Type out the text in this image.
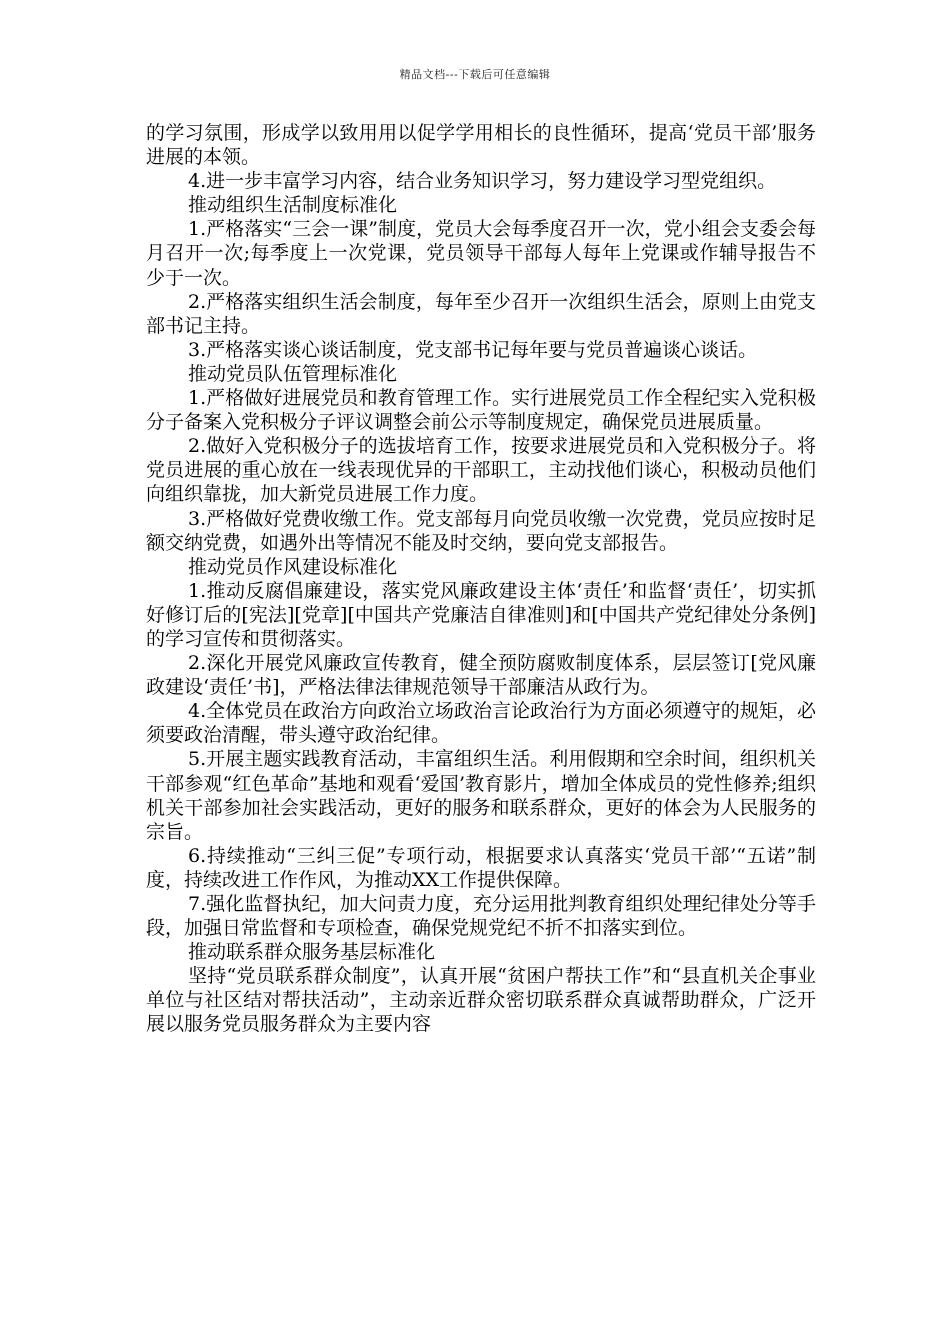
精品文档---下载后可任意编辑

的学习氛围，形成学以致用用以促学学用相长的良性循环，提高‘党员干部’服务进展的本领。

4.进一步丰富学习内容，结合业务知识学习，努力建设学习型党组织。

推动组织生活制度标准化

1.严格落实“三会一课”制度，党员大会每季度召开一次，党小组会支委会每月召开一次;每季度上一次党课，党员领导干部每人每年上党课或作辅导报告不少于一次。

2.严格落实组织生活会制度，每年至少召开一次组织生活会，原则上由党支部书记主持。

3.严格落实谈心谈话制度，党支部书记每年要与党员普遍谈心谈话。

推动党员队伍管理标准化

1.严格做好进展党员和教育管理工作。实行进展党员工作全程纪实入党积极分子备案入党积极分子评议调整会前公示等制度规定，确保党员进展质量。

2.做好入党积极分子的选拔培育工作，按要求进展党员和入党积极分子。将党员进展的重心放在一线表现优异的干部职工，主动找他们谈心，积极动员他们向组织靠拢，加大新党员进展工作力度。

3.严格做好党费收缴工作。党支部每月向党员收缴一次党费，党员应按时足额交纳党费，如遇外出等情况不能及时交纳，要向党支部报告。

推动党员作风建设标准化

1.推动反腐倡廉建设，落实党风廉政建设主体‘责任’和监督‘责任’，切实抓好修订后的[宪法][党章][中国共产党廉洁自律准则]和[中国共产党纪律处分条例]的学习宣传和贯彻落实。

2.深化开展党风廉政宣传教育，健全预防腐败制度体系，层层签订[党风廉政建设‘责任’书]，严格法律法律规范领导干部廉洁从政行为。

4.全体党员在政治方向政治立场政治言论政治行为方面必须遵守的规矩，必须要政治清醒，带头遵守政治纪律。

5.开展主题实践教育活动，丰富组织生活。利用假期和空余时间，组织机关干部参观“红色革命”基地和观看‘爱国’教育影片，增加全体成员的党性修养;组织机关干部参加社会实践活动，更好的服务和联系群众，更好的体会为人民服务的宗旨。

6.持续推动“三纠三促”专项行动，根据要求认真落实‘党员干部’“五诺”制度，持续改进工作作风，为推动XX工作提供保障。

7.强化监督执纪，加大问责力度，充分运用批判教育组织处理纪律处分等手段，加强日常监督和专项检查，确保党规党纪不折不扣落实到位。

推动联系群众服务基层标准化

坚持“党员联系群众制度”，认真开展“贫困户帮扶工作”和“县直机关企事业单位与社区结对帮扶活动”，主动亲近群众密切联系群众真诚帮助群众，广泛开展以服务党员服务群众为主要内容
